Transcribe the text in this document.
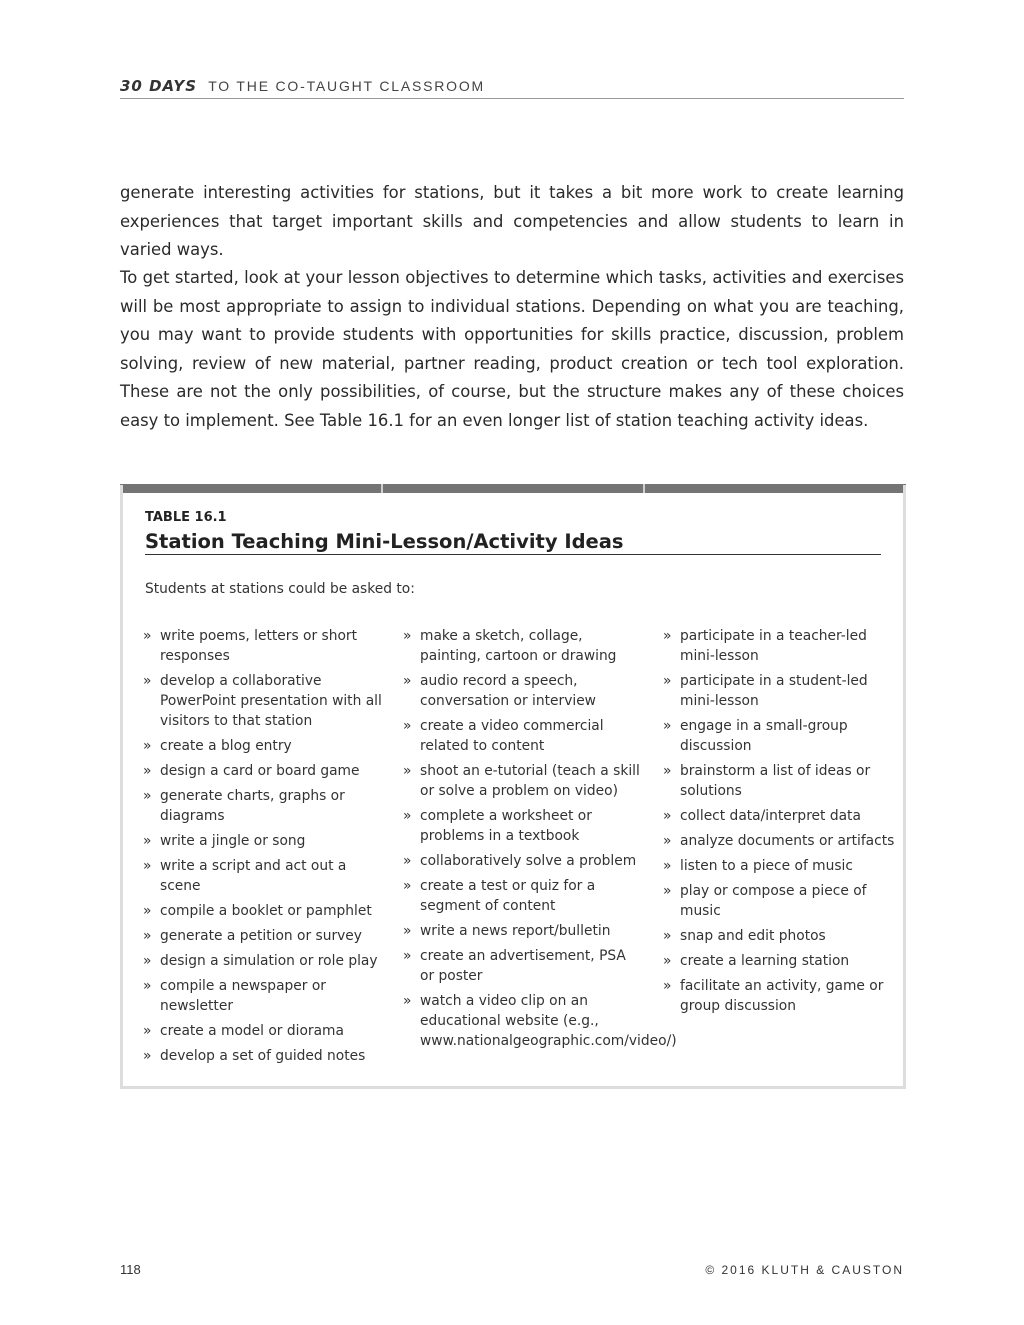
30 DAYS TO THE CO-TAUGHT CLASSROOM
generate interesting activities for stations, but it takes a bit more work to create learning experiences that target important skills and competencies and allow students to learn in varied ways.
To get started, look at your lesson objectives to determine which tasks, activities and exercises will be most appropriate to assign to individual stations. Depending on what you are teaching, you may want to provide students with opportunities for skills practice, discussion, problem solving, review of new material, partner reading, product creation or tech tool exploration. These are not the only possibilities, of course, but the structure makes any of these choices easy to implement. See Table 16.1 for an even longer list of station teaching activity ideas.
TABLE 16.1
Station Teaching Mini-Lesson/Activity Ideas
Students at stations could be asked to:
» write poems, letters or short responses
» develop a collaborative PowerPoint presentation with all visitors to that station
» create a blog entry
» design a card or board game
» generate charts, graphs or diagrams
» write a jingle or song
» write a script and act out a scene
» compile a booklet or pamphlet
» generate a petition or survey
» design a simulation or role play
» compile a newspaper or newsletter
» create a model or diorama
» develop a set of guided notes
» make a sketch, collage, painting, cartoon or drawing
» audio record a speech, conversation or interview
» create a video commercial related to content
» shoot an e-tutorial (teach a skill or solve a problem on video)
» complete a worksheet or problems in a textbook
» collaboratively solve a problem
» create a test or quiz for a segment of content
» write a news report/bulletin
» create an advertisement, PSA or poster
» watch a video clip on an educational website (e.g., www.nationalgeographic.com/video/)
» participate in a teacher-led mini-lesson
» participate in a student-led mini-lesson
» engage in a small-group discussion
» brainstorm a list of ideas or solutions
» collect data/interpret data
» analyze documents or artifacts
» listen to a piece of music
» play or compose a piece of music
» snap and edit photos
» create a learning station
» facilitate an activity, game or group discussion
118	© 2016 KLUTH & CAUSTON
